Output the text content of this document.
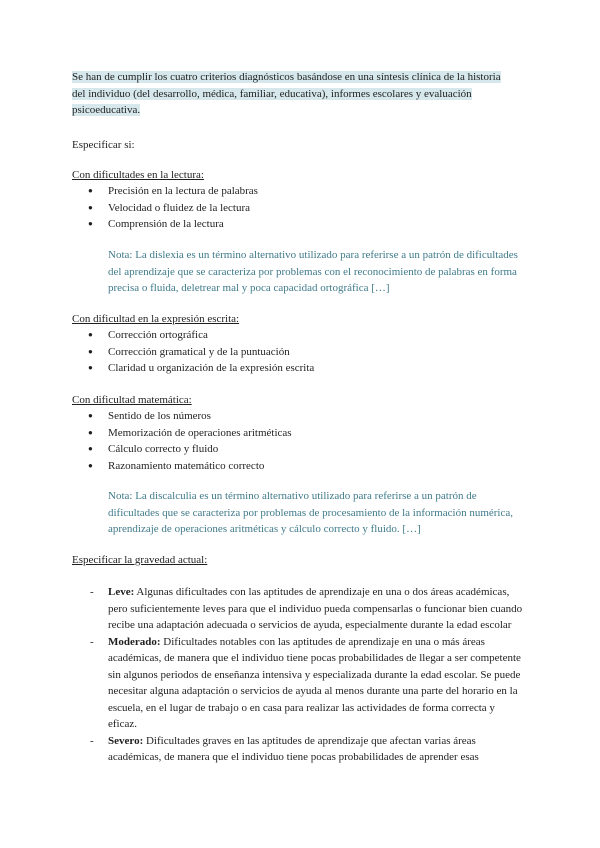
Se han de cumplir los cuatro criterios diagnósticos basándose en una síntesis clínica de la historia del individuo (del desarrollo, médica, familiar, educativa), informes escolares y evaluación psicoeducativa.

Especificar si:

Con dificultades en la lectura:

● Precisión en la lectura de palabras
● Velocidad o fluidez de la lectura
● Comprensión de la lectura

Nota: La dislexia es un término alternativo utilizado para referirse a un patrón de dificultades del aprendizaje que se caracteriza por problemas con el reconocimiento de palabras en forma precisa o fluida, deletrear mal y poca capacidad ortográfica […]

Con dificultad en la expresión escrita:

● Corrección ortográfica
● Corrección gramatical y de la puntuación
● Claridad u organización de la expresión escrita

Con dificultad matemática:

● Sentido de los números
● Memorización de operaciones aritméticas
● Cálculo correcto y fluido
● Razonamiento matemático correcto

Nota: La discalculia es un término alternativo utilizado para referirse a un patrón de dificultades que se caracteriza por problemas de procesamiento de la información numérica, aprendizaje de operaciones aritméticas y cálculo correcto y fluido. […]

Especificar la gravedad actual:

- Leve: Algunas dificultades con las aptitudes de aprendizaje en una o dos áreas académicas, pero suficientemente leves para que el individuo pueda compensarlas o funcionar bien cuando recibe una adaptación adecuada o servicios de ayuda, especialmente durante la edad escolar
- Moderado: Dificultades notables con las aptitudes de aprendizaje en una o más áreas académicas, de manera que el individuo tiene pocas probabilidades de llegar a ser competente sin algunos periodos de enseñanza intensiva y especializada durante la edad escolar. Se puede necesitar alguna adaptación o servicios de ayuda al menos durante una parte del horario en la escuela, en el lugar de trabajo o en casa para realizar las actividades de forma correcta y eficaz.
- Severo: Dificultades graves en las aptitudes de aprendizaje que afectan varias áreas académicas, de manera que el individuo tiene pocas probabilidades de aprender esas
